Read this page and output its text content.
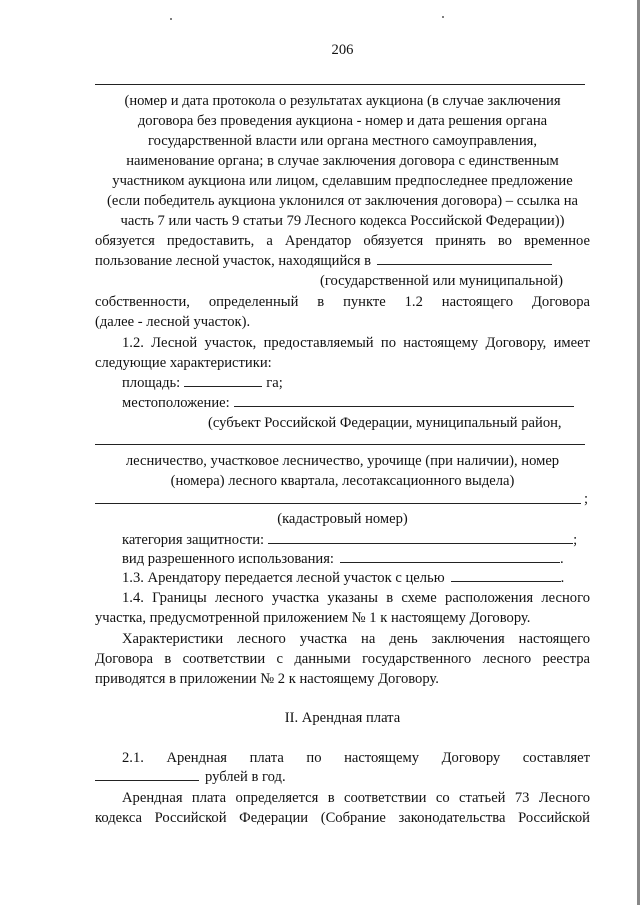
206
(номер и дата протокола о результатах аукциона (в случае заключения
договора без проведения аукциона - номер и дата решения органа
государственной власти или органа местного самоуправления,
наименование органа; в случае заключения договора с единственным
участником аукциона или лицом, сделавшим предпоследнее предложение
(если победитель аукциона уклонился от заключения договора) – ссылка на
часть 7 или часть 9 статьи 79 Лесного кодекса Российской Федерации))
обязуется предоставить, а Арендатор обязуется принять во временное
пользование лесной участок, находящийся в
(государственной или муниципальной)
собственности, определенный в пункте 1.2 настоящего Договора
(далее - лесной участок).
1.2. Лесной участок, предоставляемый по настоящему Договору, имеет
следующие характеристики:
площадь:	га;
местоположение:
(субъект Российской Федерации, муниципальный район,
лесничество, участковое лесничество, урочище (при наличии), номер
(номера) лесного квартала, лесотаксационного выдела)
;
(кадастровый номер)
категория защитности:	;
вид разрешенного использования:	.
1.3. Арендатору передается лесной участок с целью	.
1.4. Границы лесного участка указаны в схеме расположения лесного
участка, предусмотренной приложением № 1 к настоящему Договору.
Характеристики лесного участка на день заключения настоящего
Договора в соответствии с данными государственного лесного реестра
приводятся в приложении № 2 к настоящему Договору.
II. Арендная плата
2.1. Арендная плата по настоящему Договору составляет
рублей в год.
Арендная плата определяется в соответствии со статьей 73 Лесного
кодекса Российской Федерации (Собрание законодательства Российской
